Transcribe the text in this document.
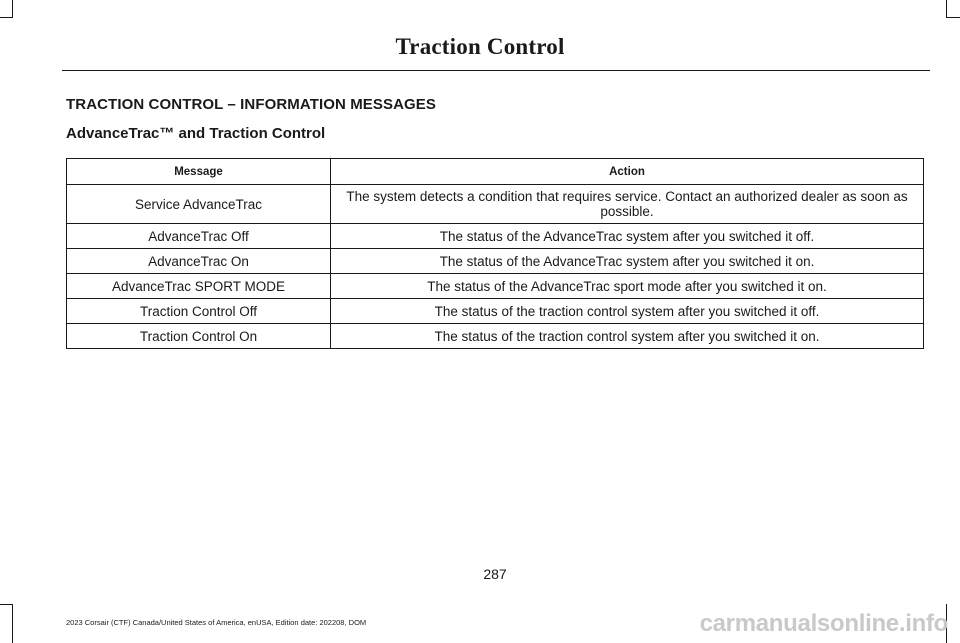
Traction Control
TRACTION CONTROL – INFORMATION MESSAGES
AdvanceTrac™ and Traction Control
Message	Action
Service AdvanceTrac	The system detects a condition that requires service. Contact an authorized dealer as soon as possible.
AdvanceTrac Off	The status of the AdvanceTrac system after you switched it off.
AdvanceTrac On	The status of the AdvanceTrac system after you switched it on.
AdvanceTrac SPORT MODE	The status of the AdvanceTrac sport mode after you switched it on.
Traction Control Off	The status of the traction control system after you switched it off.
Traction Control On	The status of the traction control system after you switched it on.
287
2023 Corsair (CTF) Canada/United States of America, enUSA, Edition date: 202208, DOM	carmanualsonline.info
